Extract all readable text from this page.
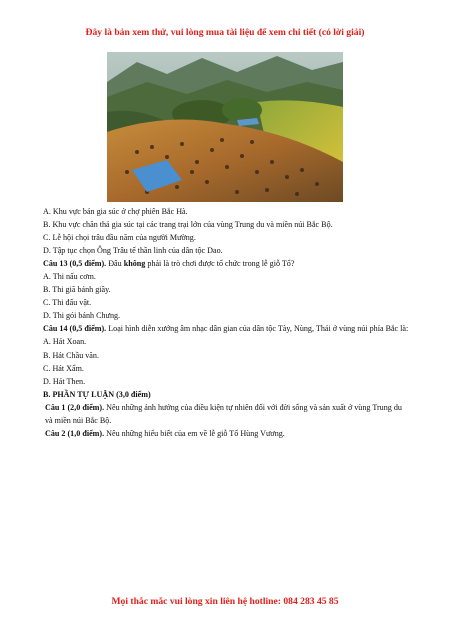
Đây là bản xem thử, vui lòng mua tài liệu để xem chi tiết (có lời giải)

A. Khu vực bán gia súc ở chợ phiên Bắc Hà.

B. Khu vực chăn thả gia súc tại các trang trại lớn của vùng Trung du và miền núi Bắc Bộ.

C. Lễ hội chọi trâu đầu năm của người Mường.

D. Tập tục chọn Ông Trâu tế thần linh của dân tộc Dao.

Câu 13 (0,5 điểm). Đâu không phải là trò chơi được tổ chức trong lễ giỗ Tổ?

A. Thi nấu cơm.

B. Thi giã bánh giầy.

C. Thi đấu vật.

D. Thi gói bánh Chưng.

Câu 14 (0,5 điểm). Loại hình diễn xướng âm nhạc dân gian của dân tộc Tày, Nùng, Thái ở vùng núi phía Bắc là:

A. Hát Xoan.

B. Hát Chầu văn.

C. Hát Xẩm.

D. Hát Then.

B. PHẦN TỰ LUẬN (3,0 điểm)

Câu 1 (2,0 điểm). Nêu những ảnh hưởng của điều kiện tự nhiên đối với đời sống và sản xuất ở vùng Trung du và miền núi Bắc Bộ.

Câu 2 (1,0 điểm). Nêu những hiểu biết của em về lễ giỗ Tổ Hùng Vương.

Mọi thắc mắc vui lòng xin liên hệ hotline: 084 283 45 85
